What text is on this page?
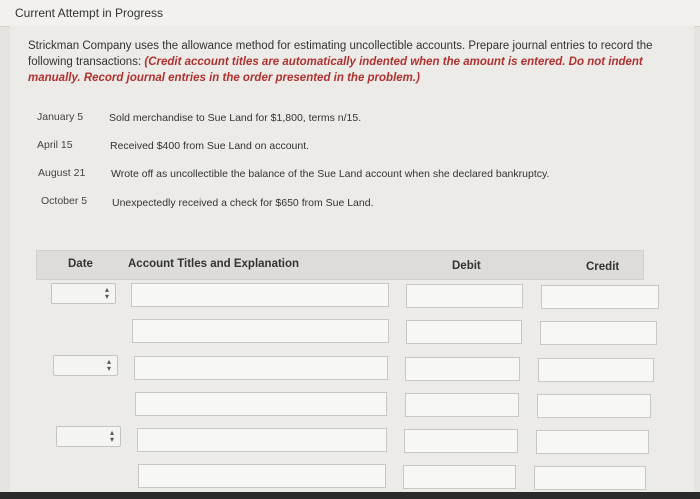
Current Attempt in Progress
Strickman Company uses the allowance method for estimating uncollectible accounts. Prepare journal entries to record the following transactions: (Credit account titles are automatically indented when the amount is entered. Do not indent manually. Record journal entries in the order presented in the problem.)
January 5 Sold merchandise to Sue Land for $1,800, terms n/15.
April 15	Received $400 from Sue Land on account.
August 21 Wrote off as uncollectible the balance of the Sue Land account when she declared bankruptcy.
October 5 Unexpectedly received a check for $650 from Sue Land.
Date	Account Titles and Explanation	Debit	Credit
▴
▾
▴
▾
▴
▾
